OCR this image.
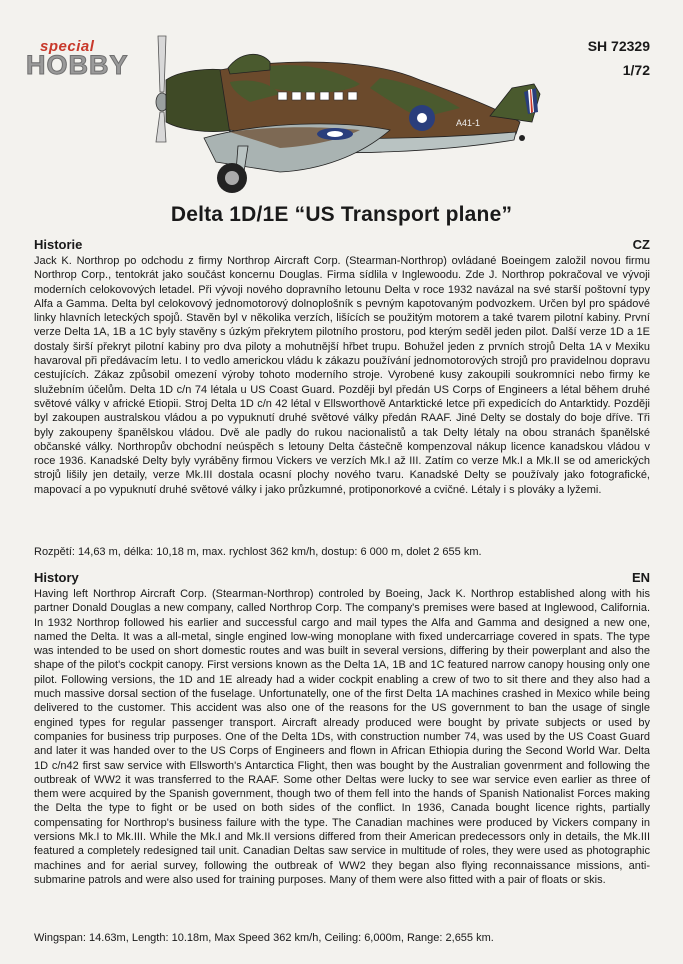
special
HOBBY
SH 72329
1/72
A41-1
Delta 1D/1E “US Transport plane”
Historie	CZ
Jack K. Northrop po odchodu z firmy Northrop Aircraft Corp. (Stearman-Northrop) ovládané Boeingem založil novou firmu Northrop Corp., tentokrát jako součást koncernu Douglas. Firma sídlila v Inglewoodu. Zde J. Northrop pokračoval ve vývoji moderních celokovových letadel. Při vývoji nového dopravního letounu Delta v roce 1932 navázal na své starší poštovní typy Alfa a Gamma. Delta byl celokovový jednomotorový dolnoplošník s pevným kapotovaným podvozkem. Určen byl pro spádové linky hlavních leteckých spojů. Stavěn byl v několika verzích, lišících se použitým motorem a také tvarem pilotní kabiny. První verze Delta 1A, 1B a 1C byly stavěny s úzkým překrytem pilotního prostoru, pod kterým seděl jeden pilot. Další verze 1D a 1E dostaly širší překryt pilotní kabiny pro dva piloty a mohutnější hřbet trupu. Bohužel jeden z prvních strojů Delta 1A v Mexiku havaroval při předávacím letu. I to vedlo americkou vládu k zákazu používání jednomotorových strojů pro pravidelnou dopravu cestujících. Zákaz způsobil omezení výroby tohoto moderního stroje. Vyrobené kusy zakoupili soukromníci nebo firmy ke služebním účelům. Delta 1D c/n 74 létala u US Coast Guard. Později byl předán US Corps of Engineers a létal během druhé světové války v africké Etiopii. Stroj Delta 1D c/n 42 létal v Ellsworthově Antarktické letce při expedicích do Antarktidy. Později byl zakoupen australskou vládou a po vypuknutí druhé světové války předán RAAF. Jiné Delty se dostaly do boje dříve. Tři byly zakoupeny španělskou vládou. Dvě ale padly do rukou nacionalistů a tak Delty létaly na obou stranách španělské občanské války. Northropův obchodní neúspěch s letouny Delta částečně kompenzoval nákup licence kanadskou vládou v roce 1936. Kanadské Delty byly vyráběny firmou Vickers ve verzích Mk.I až III. Zatím co verze Mk.I a Mk.II se od amerických strojů lišily jen detaily, verze Mk.III dostala ocasní plochy nového tvaru. Kanadské Delty se používaly jako fotografické, mapovací a po vypuknutí druhé světové války i jako průzkumné, protiponorkové a cvičné. Létaly i s plováky a lyžemi.
Rozpětí: 14,63 m, délka: 10,18 m, max. rychlost 362 km/h, dostup: 6 000 m, dolet 2 655 km.
History	EN
Having left Northrop Aircraft Corp. (Stearman-Northrop) controled by Boeing, Jack K. Northrop established along with his partner Donald Douglas a new company, called Northrop Corp. The company's premises were based at Inglewood, California. In 1932 Northrop followed his earlier and successful cargo and mail types the Alfa and Gamma and designed a new one, named the Delta. It was a all-metal, single engined low-wing monoplane with fixed undercarriage covered in spats. The type was intended to be used on short domestic routes and was built in several versions, differing by their powerplant and also the shape of the pilot's cockpit canopy. First versions known as the Delta 1A, 1B and 1C featured narrow canopy housing only one pilot. Following versions, the 1D and 1E already had a wider cockpit enabling a crew of two to sit there and they also had a much massive dorsal section of the fuselage. Unfortunatelly, one of the first Delta 1A machines crashed in Mexico while being delivered to the customer. This accident was also one of the reasons for the US government to ban the usage of single engined types for regular passenger transport. Aircraft already produced were bought by private subjects or used by companies for business trip purposes. One of the Delta 1Ds, with construction number 74, was used by the US Coast Guard and later it was handed over to the US Corps of Engineers and flown in African Ethiopia during the Second World War. Delta 1D c/n42 first saw service with Ellsworth's Antarctica Flight, then was bought by the Australian govenrment and following the outbreak of WW2 it was transferred to the RAAF. Some other Deltas were lucky to see war service even earlier as three of them were acquired by the Spanish government, though two of them fell into the hands of Spanish Nationalist Forces making the Delta the type to fight or be used on both sides of the conflict. In 1936, Canada bought licence rights, partially compensating for Northrop's business failure with the type. The Canadian machines were produced by Vickers company in versions Mk.I to Mk.III. While the Mk.I and Mk.II versions differed from their American predecessors only in details, the Mk.III featured a completely redesigned tail unit. Canadian Deltas saw service in multitude of roles, they were used as photographic machines and for aerial survey, following the outbreak of WW2 they began also flying reconnaissance missions, anti-submarine patrols and were also used for training purposes. Many of them were also fitted with a pair of floats or skis.
Wingspan: 14.63m, Length: 10.18m, Max Speed 362 km/h, Ceiling: 6,000m, Range: 2,655 km.
